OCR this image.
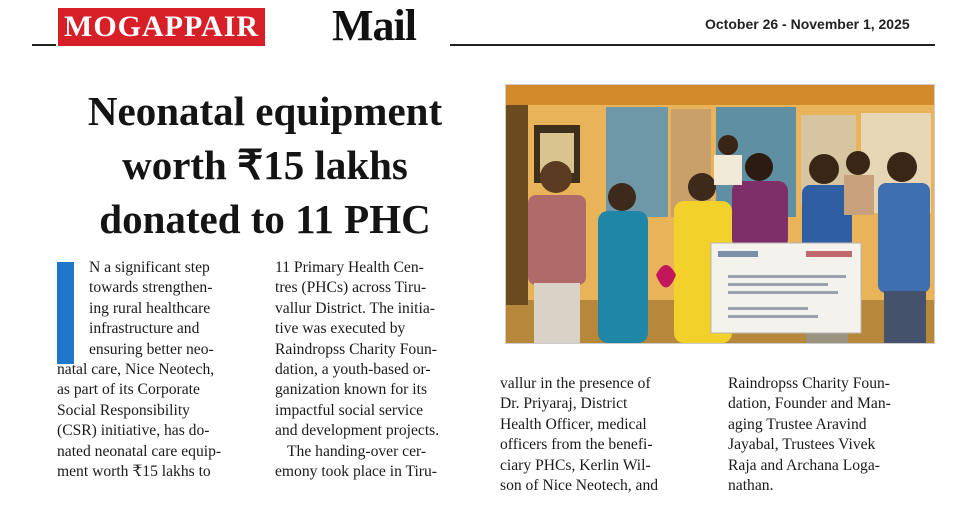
MOGAPPAIR Mail	October 26 - November 1, 2025
Neonatal equipment
worth ₹15 lakhs
donated to 11 PHC
N a significant step
towards strengthen-
ing rural healthcare
infrastructure and
ensuring better neo-
natal care, Nice Neotech,
as part of its Corporate
Social Responsibility
(CSR) initiative, has do-
nated neonatal care equip-
ment worth ₹15 lakhs to
11 Primary Health Cen-
tres (PHCs) across Tiru-
vallur District. The initia-
tive was executed by
Raindropss Charity Foun-
dation, a youth-based or-
ganization known for its
impactful social service
and development projects.
The handing-over cer-
emony took place in Tiru-
vallur in the presence of
Dr. Priyaraj, District
Health Officer, medical
officers from the benefi-
ciary PHCs, Kerlin Wil-
son of Nice Neotech, and
Raindropss Charity Foun-
dation, Founder and Man-
aging Trustee Aravind
Jayabal, Trustees Vivek
Raja and Archana Loga-
nathan.
